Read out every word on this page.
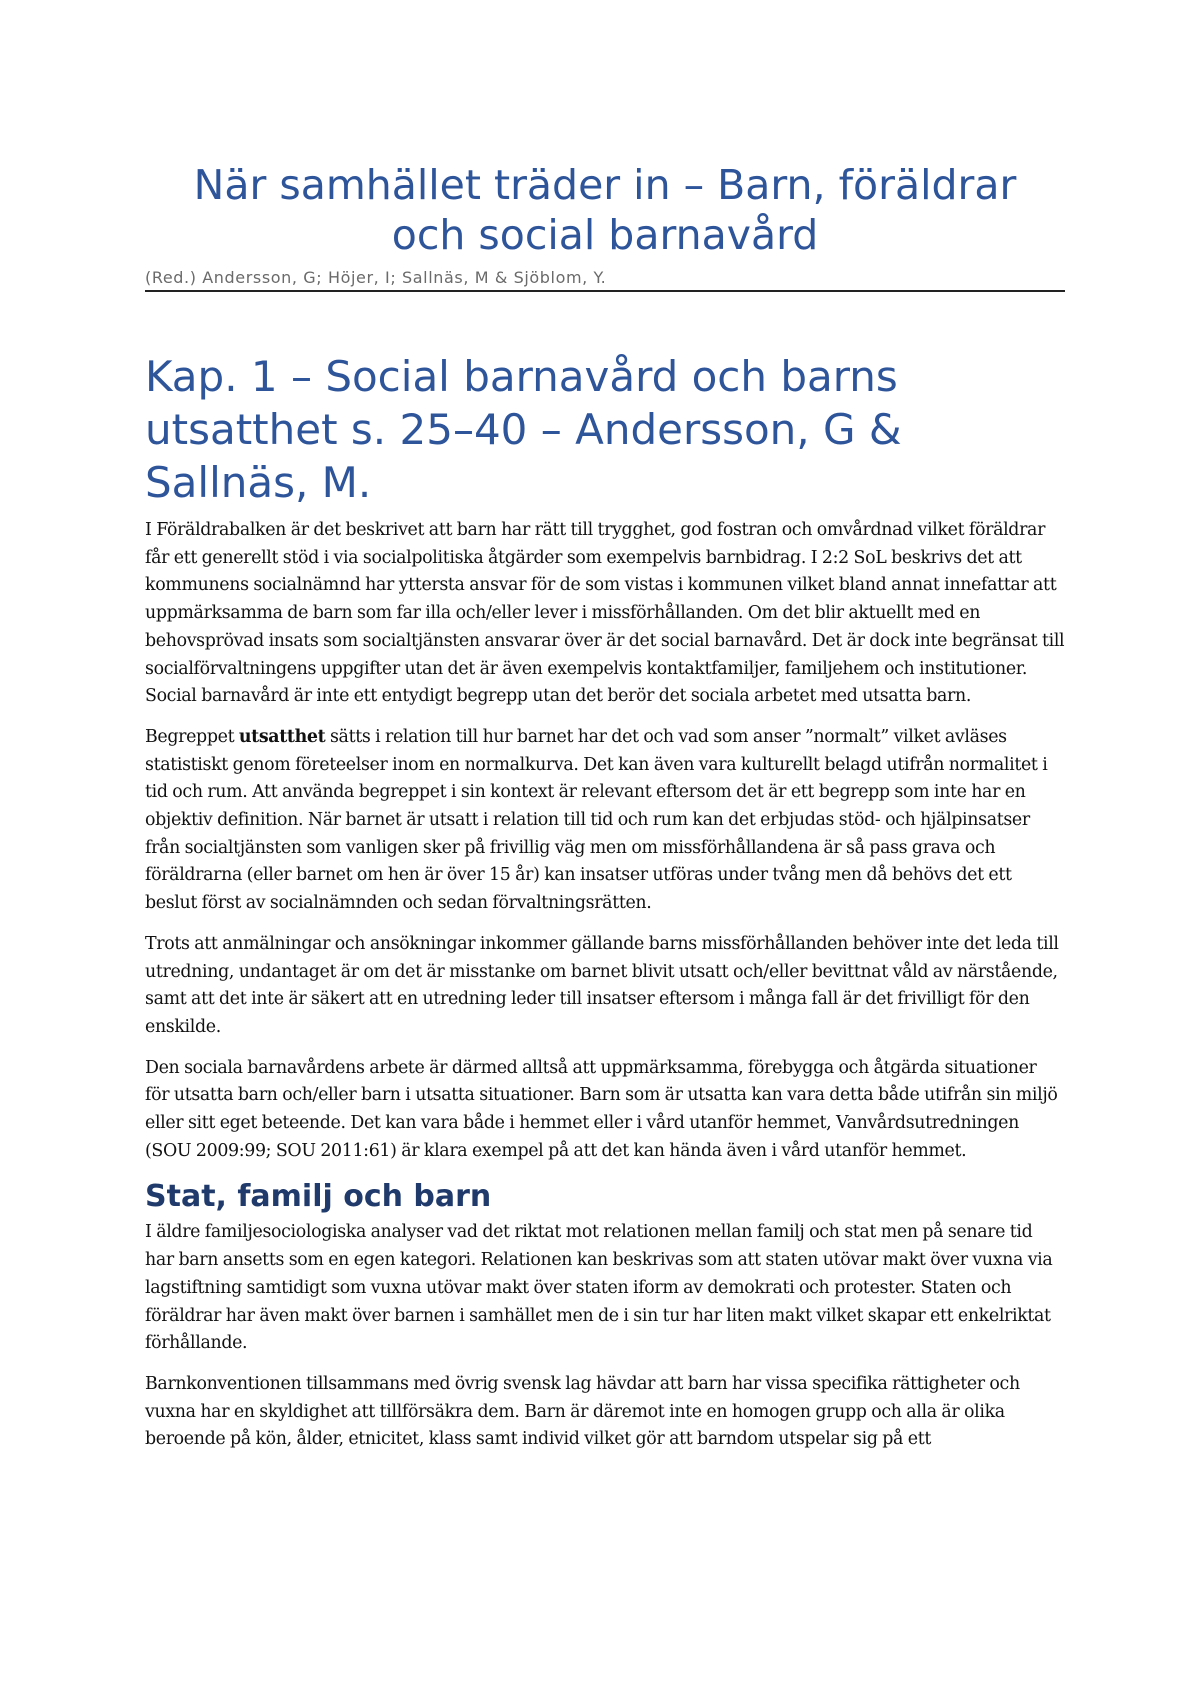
När samhället träder in – Barn, föräldrar
och social barnavård
(Red.) Andersson, G; Höjer, I; Sallnäs, M & Sjöblom, Y.
Kap. 1 – Social barnavård och barns
utsatthet s. 25–40 – Andersson, G &
Sallnäs, M.

I Föräldrabalken är det beskrivet att barn har rätt till trygghet, god fostran och omvårdnad vilket föräldrar får ett generellt stöd i via socialpolitiska åtgärder som exempelvis barnbidrag. I 2:2 SoL beskrivs det att kommunens socialnämnd har yttersta ansvar för de som vistas i kommunen vilket bland annat innefattar att uppmärksamma de barn som far illa och/eller lever i missförhållanden. Om det blir aktuellt med en behovsprövad insats som socialtjänsten ansvarar över är det social barnavård. Det är dock inte begränsat till socialförvaltningens uppgifter utan det är även exempelvis kontaktfamiljer, familjehem och institutioner. Social barnavård är inte ett entydigt begrepp utan det berör det sociala arbetet med utsatta barn.

Begreppet utsatthet sätts i relation till hur barnet har det och vad som anser ”normalt” vilket avläses statistiskt genom företeelser inom en normalkurva. Det kan även vara kulturellt belagd utifrån normalitet i tid och rum. Att använda begreppet i sin kontext är relevant eftersom det är ett begrepp som inte har en objektiv definition. När barnet är utsatt i relation till tid och rum kan det erbjudas stöd- och hjälpinsatser från socialtjänsten som vanligen sker på frivillig väg men om missförhållandena är så pass grava och föräldrarna (eller barnet om hen är över 15 år) kan insatser utföras under tvång men då behövs det ett beslut först av socialnämnden och sedan förvaltningsrätten.

Trots att anmälningar och ansökningar inkommer gällande barns missförhållanden behöver inte det leda till utredning, undantaget är om det är misstanke om barnet blivit utsatt och/eller bevittnat våld av närstående, samt att det inte är säkert att en utredning leder till insatser eftersom i många fall är det frivilligt för den enskilde.

Den sociala barnavårdens arbete är därmed alltså att uppmärksamma, förebygga och åtgärda situationer för utsatta barn och/eller barn i utsatta situationer. Barn som är utsatta kan vara detta både utifrån sin miljö eller sitt eget beteende. Det kan vara både i hemmet eller i vård utanför hemmet, Vanvårdsutredningen (SOU 2009:99; SOU 2011:61) är klara exempel på att det kan hända även i vård utanför hemmet.

Stat, familj och barn

I äldre familjesociologiska analyser vad det riktat mot relationen mellan familj och stat men på senare tid har barn ansetts som en egen kategori. Relationen kan beskrivas som att staten utövar makt över vuxna via lagstiftning samtidigt som vuxna utövar makt över staten iform av demokrati och protester. Staten och föräldrar har även makt över barnen i samhället men de i sin tur har liten makt vilket skapar ett enkelriktat förhållande.

Barnkonventionen tillsammans med övrig svensk lag hävdar att barn har vissa specifika rättigheter och vuxna har en skyldighet att tillförsäkra dem. Barn är däremot inte en homogen grupp och alla är olika beroende på kön, ålder, etnicitet, klass samt individ vilket gör att barndom utspelar sig på ett
